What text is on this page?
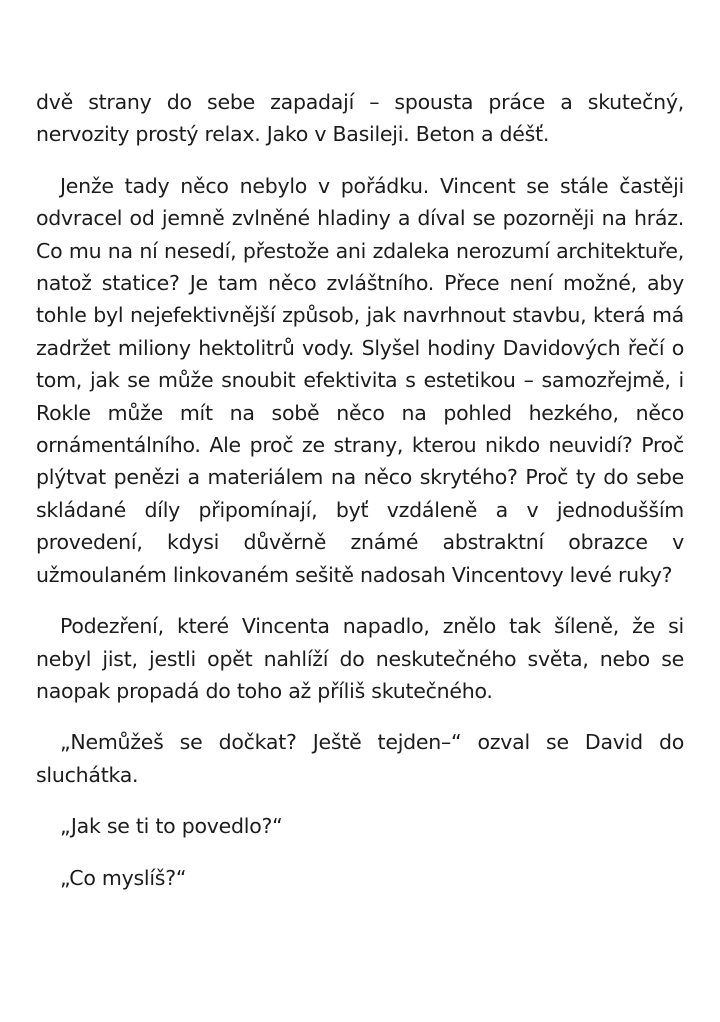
dvě strany do sebe zapadají – spousta práce a skutečný, nervozity prostý relax. Jako v Basileji. Beton a déšť.

Jenže tady něco nebylo v pořádku. Vincent se stále častěji odvracel od jemně zvlněné hladiny a díval se pozorněji na hráz. Co mu na ní nesedí, přestože ani zdaleka nerozumí architektuře, natož statice? Je tam něco zvláštního. Přece není možné, aby tohle byl nejefektivnější způsob, jak navrhnout stavbu, která má zadržet miliony hektolitrů vody. Slyšel hodiny Davidových řečí o tom, jak se může snoubit efektivita s estetikou – samozřejmě, i Rokle může mít na sobě něco na pohled hezkého, něco ornámentálního. Ale proč ze strany, kterou nikdo neuvidí? Proč plýtvat penězi a materiálem na něco skrytého? Proč ty do sebe skládané díly připomínají, byť vzdáleně a v jednodušším provedení, kdysi důvěrně známé abstraktní obrazce v užmoulaném linkovaném sešitě nadosah Vincentovy levé ruky?

Podezření, které Vincenta napadlo, znělo tak šíleně, že si nebyl jist, jestli opět nahlíží do neskutečného světa, nebo se naopak propadá do toho až příliš skutečného.

„Nemůžeš se dočkat? Ještě tejden–“ ozval se David do sluchátka.

„Jak se ti to povedlo?“

„Co myslíš?“
